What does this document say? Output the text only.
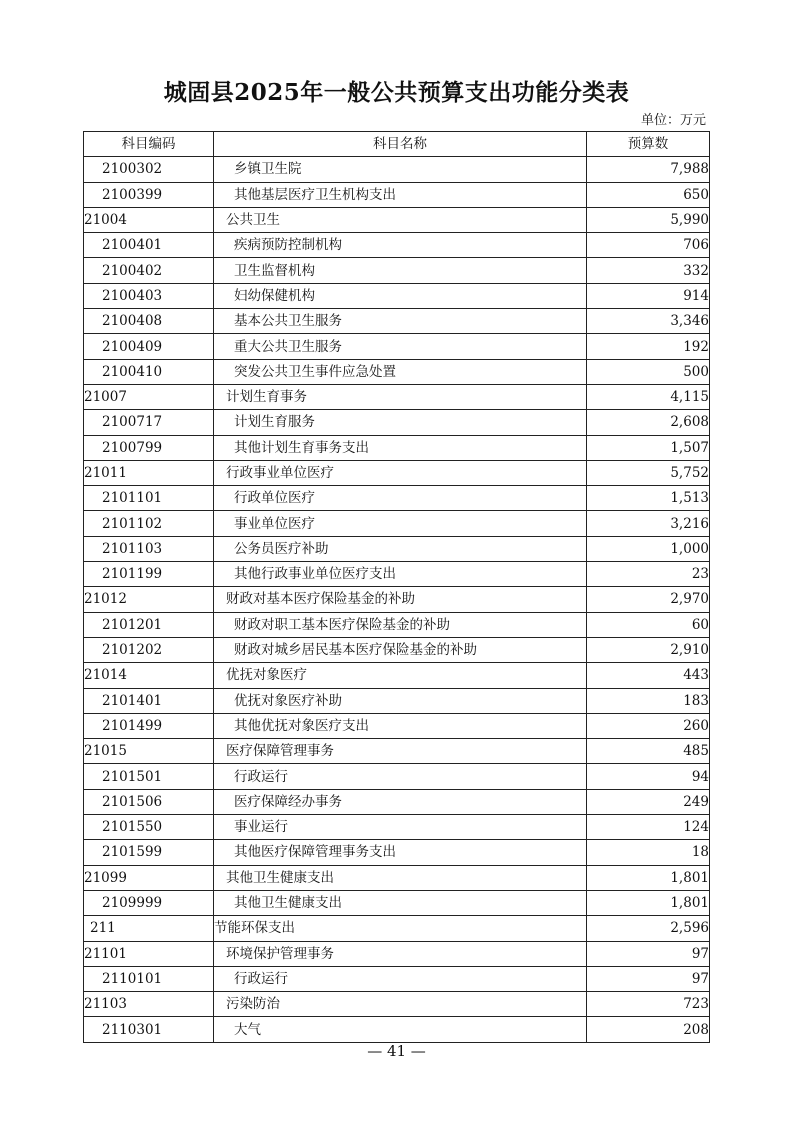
城固县2025年一般公共预算支出功能分类表
单位：万元
科目编码	科目名称	预算数
2100302	乡镇卫生院	7,988
2100399	其他基层医疗卫生机构支出	650
21004	公共卫生	5,990
2100401	疾病预防控制机构	706
2100402	卫生监督机构	332
2100403	妇幼保健机构	914
2100408	基本公共卫生服务	3,346
2100409	重大公共卫生服务	192
2100410	突发公共卫生事件应急处置	500
21007	计划生育事务	4,115
2100717	计划生育服务	2,608
2100799	其他计划生育事务支出	1,507
21011	行政事业单位医疗	5,752
2101101	行政单位医疗	1,513
2101102	事业单位医疗	3,216
2101103	公务员医疗补助	1,000
2101199	其他行政事业单位医疗支出	23
21012	财政对基本医疗保险基金的补助	2,970
2101201	财政对职工基本医疗保险基金的补助	60
2101202	财政对城乡居民基本医疗保险基金的补助	2,910
21014	优抚对象医疗	443
2101401	优抚对象医疗补助	183
2101499	其他优抚对象医疗支出	260
21015	医疗保障管理事务	485
2101501	行政运行	94
2101506	医疗保障经办事务	249
2101550	事业运行	124
2101599	其他医疗保障管理事务支出	18
21099	其他卫生健康支出	1,801
2109999	其他卫生健康支出	1,801
211	节能环保支出	2,596
21101	环境保护管理事务	97
2110101	行政运行	97
21103	污染防治	723
2110301	大气	208
— 41 —
